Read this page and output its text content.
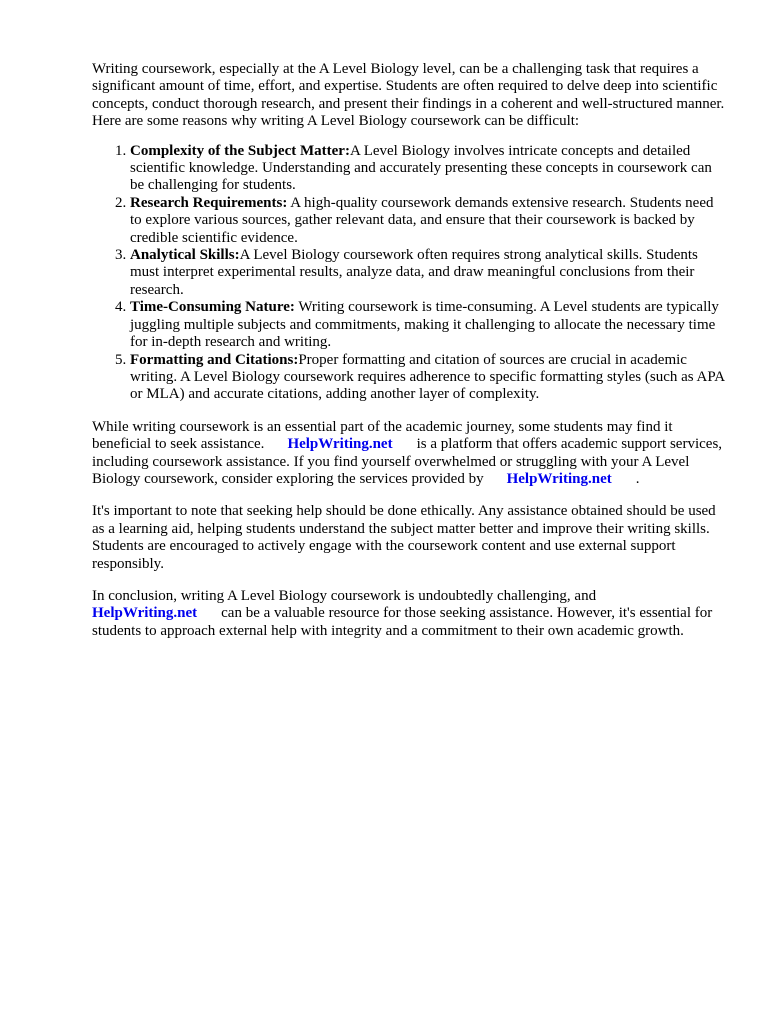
Writing coursework, especially at the A Level Biology level, can be a challenging task that requires a significant amount of time, effort, and expertise. Students are often required to delve deep into scientific concepts, conduct thorough research, and present their findings in a coherent and well-structured manner. Here are some reasons why writing A Level Biology coursework can be difficult:

1. Complexity of the Subject Matter:A Level Biology involves intricate concepts and detailed scientific knowledge. Understanding and accurately presenting these concepts in coursework can be challenging for students.
2. Research Requirements: A high-quality coursework demands extensive research. Students need to explore various sources, gather relevant data, and ensure that their coursework is backed by credible scientific evidence.
3. Analytical Skills:A Level Biology coursework often requires strong analytical skills. Students must interpret experimental results, analyze data, and draw meaningful conclusions from their research.
4. Time-Consuming Nature: Writing coursework is time-consuming. A Level students are typically juggling multiple subjects and commitments, making it challenging to allocate the necessary time for in-depth research and writing.
5. Formatting and Citations:Proper formatting and citation of sources are crucial in academic writing. A Level Biology coursework requires adherence to specific formatting styles (such as APA or MLA) and accurate citations, adding another layer of complexity.

While writing coursework is an essential part of the academic journey, some students may find it beneficial to seek assistance. HelpWriting.net is a platform that offers academic support services, including coursework assistance. If you find yourself overwhelmed or struggling with your A Level Biology coursework, consider exploring the services provided by HelpWriting.net .

It's important to note that seeking help should be done ethically. Any assistance obtained should be used as a learning aid, helping students understand the subject matter better and improve their writing skills. Students are encouraged to actively engage with the coursework content and use external support responsibly.

In conclusion, writing A Level Biology coursework is undoubtedly challenging, and
HelpWriting.net can be a valuable resource for those seeking assistance. However, it's essential for students to approach external help with integrity and a commitment to their own academic growth.
